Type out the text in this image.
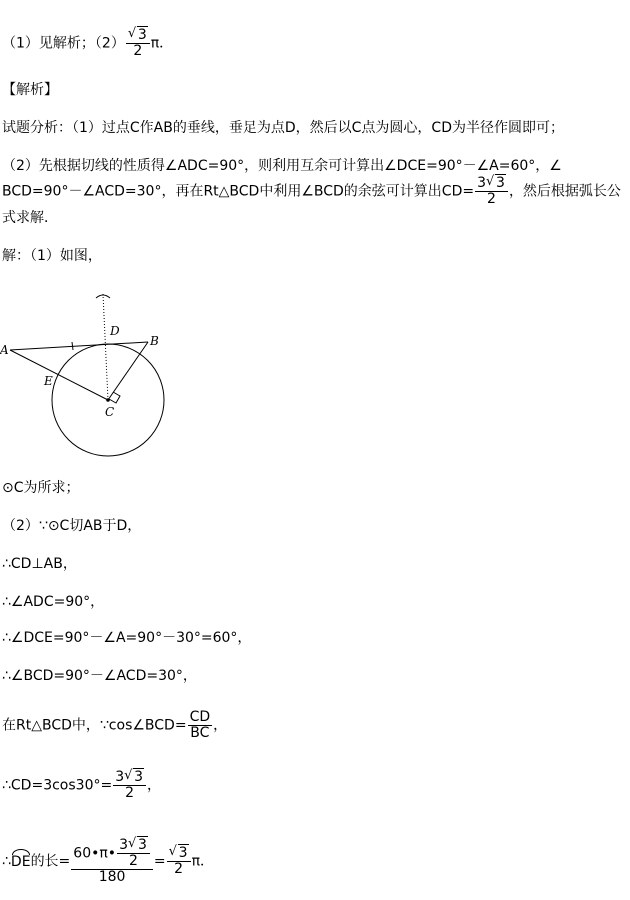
（1）见解析；$(2) \frac{√ 3}{2}$ π．
【解析】
试题分析：（1）过点C作AB的垂线，垂足为点D，然后以C点为圆心，CD为半径作圆即可；
（2）先根据切线的性质得∠ADC=90°，则利用互余可计算出∠DCE=90°－∠A=60°，∠
BCD=90°－∠ACD=30°，再在Rt△BCD中利用∠BCD的余弦可计算出$CD= \frac{3 √ 3}{2}$ ，然后根据弧长公
式求解．
解：（1）如图，
A
B
C
D
E
⊙C为所求；
（2）∵⊙C切AB于D，
∴CD⊥AB，
∴∠ADC=90°，
∴∠DCE=90°－∠A=90°－30°=60°，
∴∠BCD=90°－∠ACD=30°，
在Rt△BCD中，∵cos∠BCD= $\frac{CD}{BC}$ ，
∴CD=3cos30°= $\frac{3 √ 3}{2}$ ，
∴DE的长= $\frac{60•\pi• \frac{3 √ 3}{2}}{180} = \frac{√ 3}{2}$ π．
